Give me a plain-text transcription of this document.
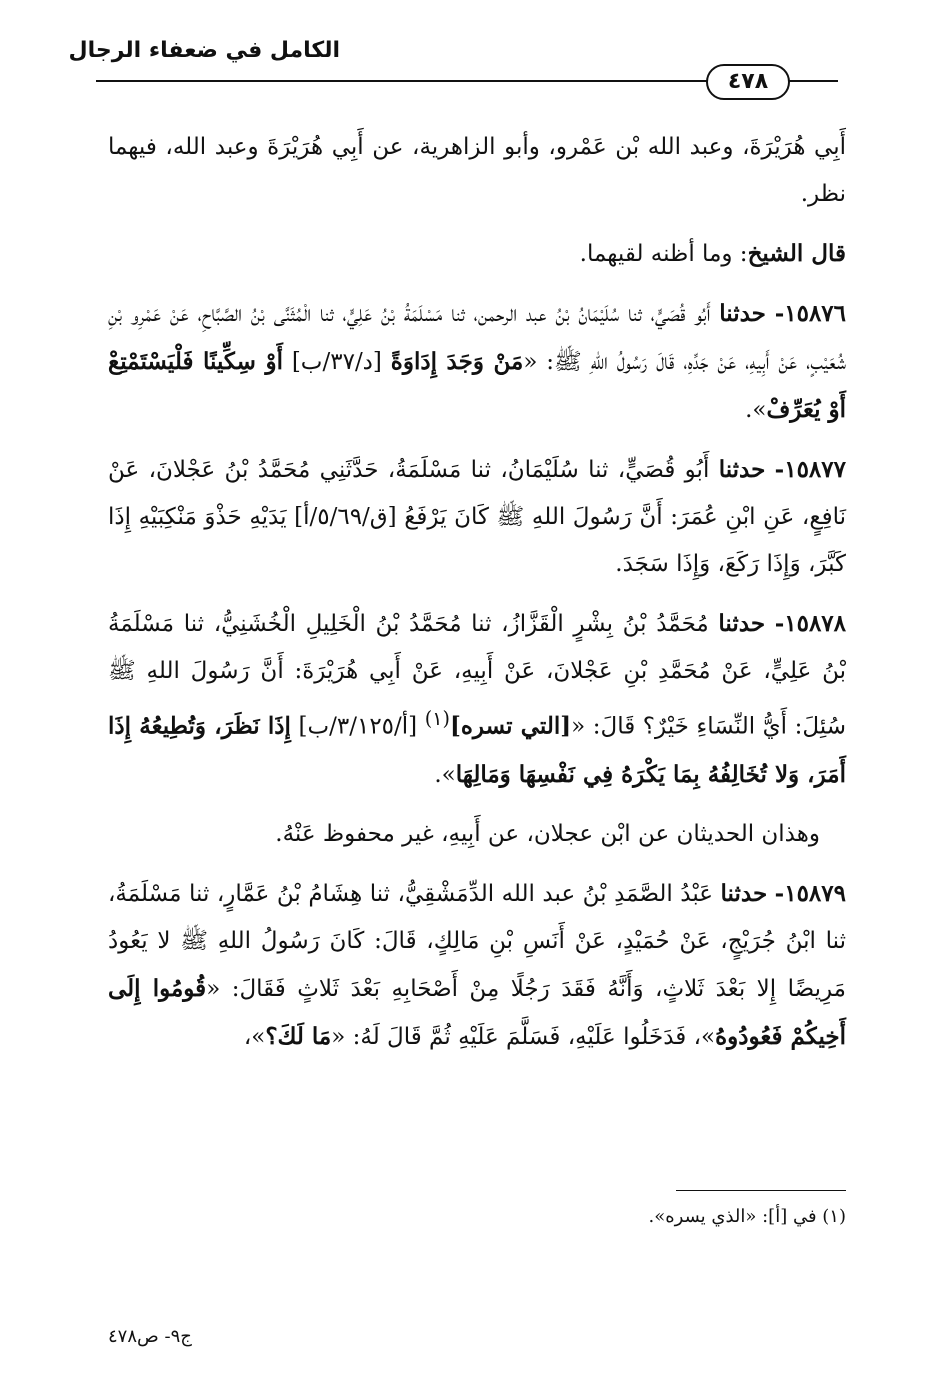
الكامل في ضعفاء الرجال
٤٧٨

أَبِي هُرَيْرَةَ، وعبد الله بْن عَمْرو، وأبو الزاهرية، عن أَبِي هُرَيْرَةَ وعبد الله، فيهما نظر.

قال الشيخ: وما أظنه لقيهما.

١٥٨٧٦- حدثنا أَبُو قُصَيٍّ، ثنا سُلَيْمَانُ بْنُ عبد الرحمن، ثنا مَسْلَمَةُ بْنُ عَلِيٍّ، ثنا الْمُثَنَّى بْنُ الصَّبَّاحِ، عَنْ عَمْرِو بْنِ شُعَيْبٍ، عَنْ أَبِيهِ، عَنْ جَدِّهِ، قَالَ رَسُولُ اللهِ ﷺ: «مَنْ وَجَدَ إِدَاوَةً [د/٣٧/ب] أَوْ سِكِّينًا فَلْيَسْتَمْتِعْ أَوْ يُعَرِّفْ».

١٥٨٧٧- حدثنا أَبُو قُصَيٍّ، ثنا سُلَيْمَانُ، ثنا مَسْلَمَةُ، حَدَّثَنِي مُحَمَّدُ بْنُ عَجْلانَ، عَنْ نَافِعٍ، عَنِ ابْنِ عُمَرَ: أَنَّ رَسُولَ اللهِ ﷺ كَانَ يَرْفَعُ [ق/٥/٦٩/أ] يَدَيْهِ حَذْوَ مَنْكِبَيْهِ إِذَا كَبَّرَ، وَإِذَا رَكَعَ، وَإِذَا سَجَدَ.

١٥٨٧٨- حدثنا مُحَمَّدُ بْنُ بِشْرٍ الْقَزَّازُ، ثنا مُحَمَّدُ بْنُ الْخَلِيلِ الْخُشَنِيُّ، ثنا مَسْلَمَةُ بْنُ عَلِيٍّ، عَنْ مُحَمَّدِ بْنِ عَجْلانَ، عَنْ أَبِيهِ، عَنْ أَبِي هُرَيْرَةَ: أَنَّ رَسُولَ اللهِ ﷺ سُئِلَ: أَيُّ النِّسَاءِ خَيْرٌ؟ قَالَ: «[التي تسره]$^{(١)}$ [أ/٣/١٢٥/ب] إِذَا نَظَرَ، وَتُطِيعُهُ إِذَا أَمَرَ، وَلا تُخَالِفُهُ بِمَا يَكْرَهُ فِي نَفْسِهَا وَمَالِهَا».

وهذان الحديثان عن ابْن عجلان، عن أَبِيهِ، غير محفوظ عَنْهُ.

١٥٨٧٩- حدثنا عَبْدُ الصَّمَدِ بْنُ عبد الله الدِّمَشْقِيُّ، ثنا هِشَامُ بْنُ عَمَّارٍ، ثنا مَسْلَمَةُ، ثنا ابْنُ جُرَيْجٍ، عَنْ حُمَيْدٍ، عَنْ أَنَسِ بْنِ مَالِكٍ، قَالَ: كَانَ رَسُولُ اللهِ ﷺ لا يَعُودُ مَرِيضًا إِلا بَعْدَ ثَلاثٍ، وَأَنَّهُ فَقَدَ رَجُلًا مِنْ أَصْحَابِهِ بَعْدَ ثَلاثٍ فَقَالَ: «قُومُوا إِلَى أَخِيكُمْ فَعُودُوهُ»، فَدَخَلُوا عَلَيْهِ، فَسَلَّمَ عَلَيْهِ ثُمَّ قَالَ لَهُ: «مَا لَكَ؟»،

(١) في [أ]: «الذي يسره».
ج٩- ص٤٧٨
